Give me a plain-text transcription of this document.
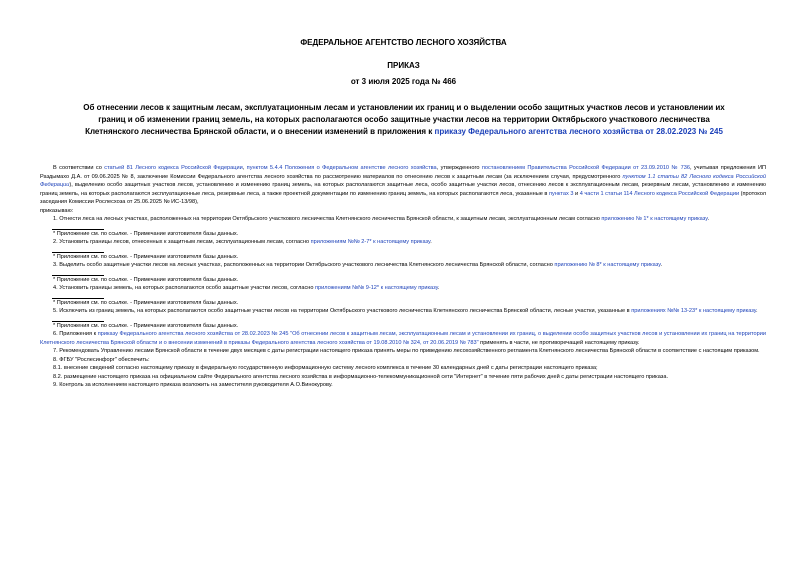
ФЕДЕРАЛЬНОЕ АГЕНТСТВО ЛЕСНОГО ХОЗЯЙСТВА
ПРИКАЗ
от 3 июля 2025 года № 466
Об отнесении лесов к защитным лесам, эксплуатационным лесам и установлении их границ и о выделении особо защитных участков лесов и установлении их
границ и об изменении границ земель, на которых располагаются особо защитные участки лесов на территории Октябрьского участкового лесничества
Клетнянского лесничества Брянской области, и о внесении изменений в приложения к приказу Федерального агентства лесного хозяйства от 28.02.2023 № 245
В соответствии со статьей 81 Лесного кодекса Российской Федерации, пунктом 5.4.4 Положения о Федеральном агентстве лесного хозяйства, утвержденного постановлением Правительства Российской Федерации от 23.09.2010 № 736, учитывая предложения ИП Раздымахо Д.А. от 09.06.2025 № 8, заключение Комиссии Федерального агентства лесного хозяйства по рассмотрению материалов по отнесению лесов к защитным лесам (за исключением случая, предусмотренного пунктом 1.1 статьи 82 Лесного кодекса Российской Федерации), выделению особо защитных участков лесов, установлению и изменению границ земель, на которых располагаются защитные леса, особо защитные участки лесов, отнесению лесов к эксплуатационным лесам, резервным лесам, установлению и изменению границ земель, на которых располагаются эксплуатационные леса, резервные леса, а также проектной документации по изменению границ земель, на которых располагаются леса, указанные в пунктах 3 и 4 части 1 статьи 114 Лесного кодекса Российской Федерации (протокол заседания Комиссии Рослесхоза от 25.06.2025 № ИС-13/98),
приказываю:
1. Отнести леса на лесных участках, расположенных на территории Октябрьского участкового лесничества Клетнянского лесничества Брянской области, к защитным лесам, эксплуатационным лесам согласно приложению № 1* к настоящему приказу.
* Приложение см. по ссылке. - Примечание изготовителя базы данных.
2. Установить границы лесов, отнесенных к защитным лесам, эксплуатационным лесам, согласно приложениям №№ 2-7* к настоящему приказу.
* Приложения см. по ссылке. - Примечание изготовителя базы данных.
3. Выделить особо защитные участки лесов на лесных участках, расположенных на территории Октябрьского участкового лесничества Клетнянского лесничества Брянской области, согласно приложению № 8* к настоящему приказу.
* Приложение см. по ссылке. - Примечание изготовителя базы данных.
4. Установить границы земель, на которых располагаются особо защитные участки лесов, согласно приложениям №№ 9-12* к настоящему приказу.
* Приложения см. по ссылке. - Примечание изготовителя базы данных.
5. Исключить из границ земель, на которых располагаются особо защитные участки лесов на территории Октябрьского участкового лесничества Клетнянского лесничества Брянской области, лесные участки, указанные в приложениях №№ 13-23* к настоящему приказу.
* Приложения см. по ссылке. - Примечание изготовителя базы данных.
6. Приложения к приказу Федерального агентства лесного хозяйства от 28.02.2023 № 245 "Об отнесении лесов к защитным лесам, эксплуатационным лесам и установлении их границ, о выделении особо защитных участков лесов и установлении их границ на территории Клетнянского лесничества Брянской области и о внесении изменений в приказы Федерального агентства лесного хозяйства от 19.08.2010 № 324, от 20.06.2019 № 783" применять в части, не противоречащей настоящему приказу.
7. Рекомендовать Управлению лесами Брянской области в течение двух месяцев с даты регистрации настоящего приказа принять меры по приведению лесохозяйственного регламента Клетнянского лесничества Брянской области в соответствие с настоящим приказом.
8. ФГБУ "Рослесинфорг" обеспечить:
8.1. внесение сведений согласно настоящему приказу в федеральную государственную информационную систему лесного комплекса в течение 30 календарных дней с даты регистрации настоящего приказа;
8.2. размещение настоящего приказа на официальном сайте Федерального агентства лесного хозяйства в информационно-телекоммуникационной сети "Интернет" в течение пяти рабочих дней с даты регистрации настоящего приказа.
9. Контроль за исполнением настоящего приказа возложить на заместителя руководителя А.О.Винокурову.
